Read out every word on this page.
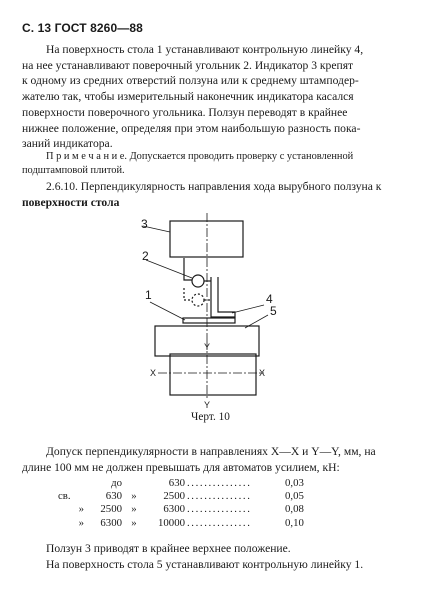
С. 13 ГОСТ 8260—88
На поверхность стола 1 устанавливают контрольную линейку 4,
на нее устанавливают поверочный угольник 2. Индикатор 3 крепят
к одному из средних отверстий ползуна или к среднему штамподер-
жателю так, чтобы измерительный наконечник индикатора касался
поверхности поверочного угольника. Ползун переводят в крайнее
нижнее положение, определяя при этом наибольшую разность пока-
заний индикатора.
П р и м е ч а н и е. Допускается проводить проверку с установленной
подштамповой плитой.
2.6.10. Перпендикулярность направления хода вырубного ползуна к
поверхности стола
3
2
1	4
5
Y
Y
X	X
Черт. 10
Допуск перпендикулярности в направлениях X—X и Y—Y, мм, на
длине 100 мм не должен превышать для автоматов усилием, кН:
	до		630	...............	0,03
св.	630	»	2500	...............	0,05
»	2500	»	6300	...............	0,08
»	6300	»	10000	...............	0,10
Ползун 3 приводят в крайнее верхнее положение.
На поверхность стола 5 устанавливают контрольную линейку 1.
